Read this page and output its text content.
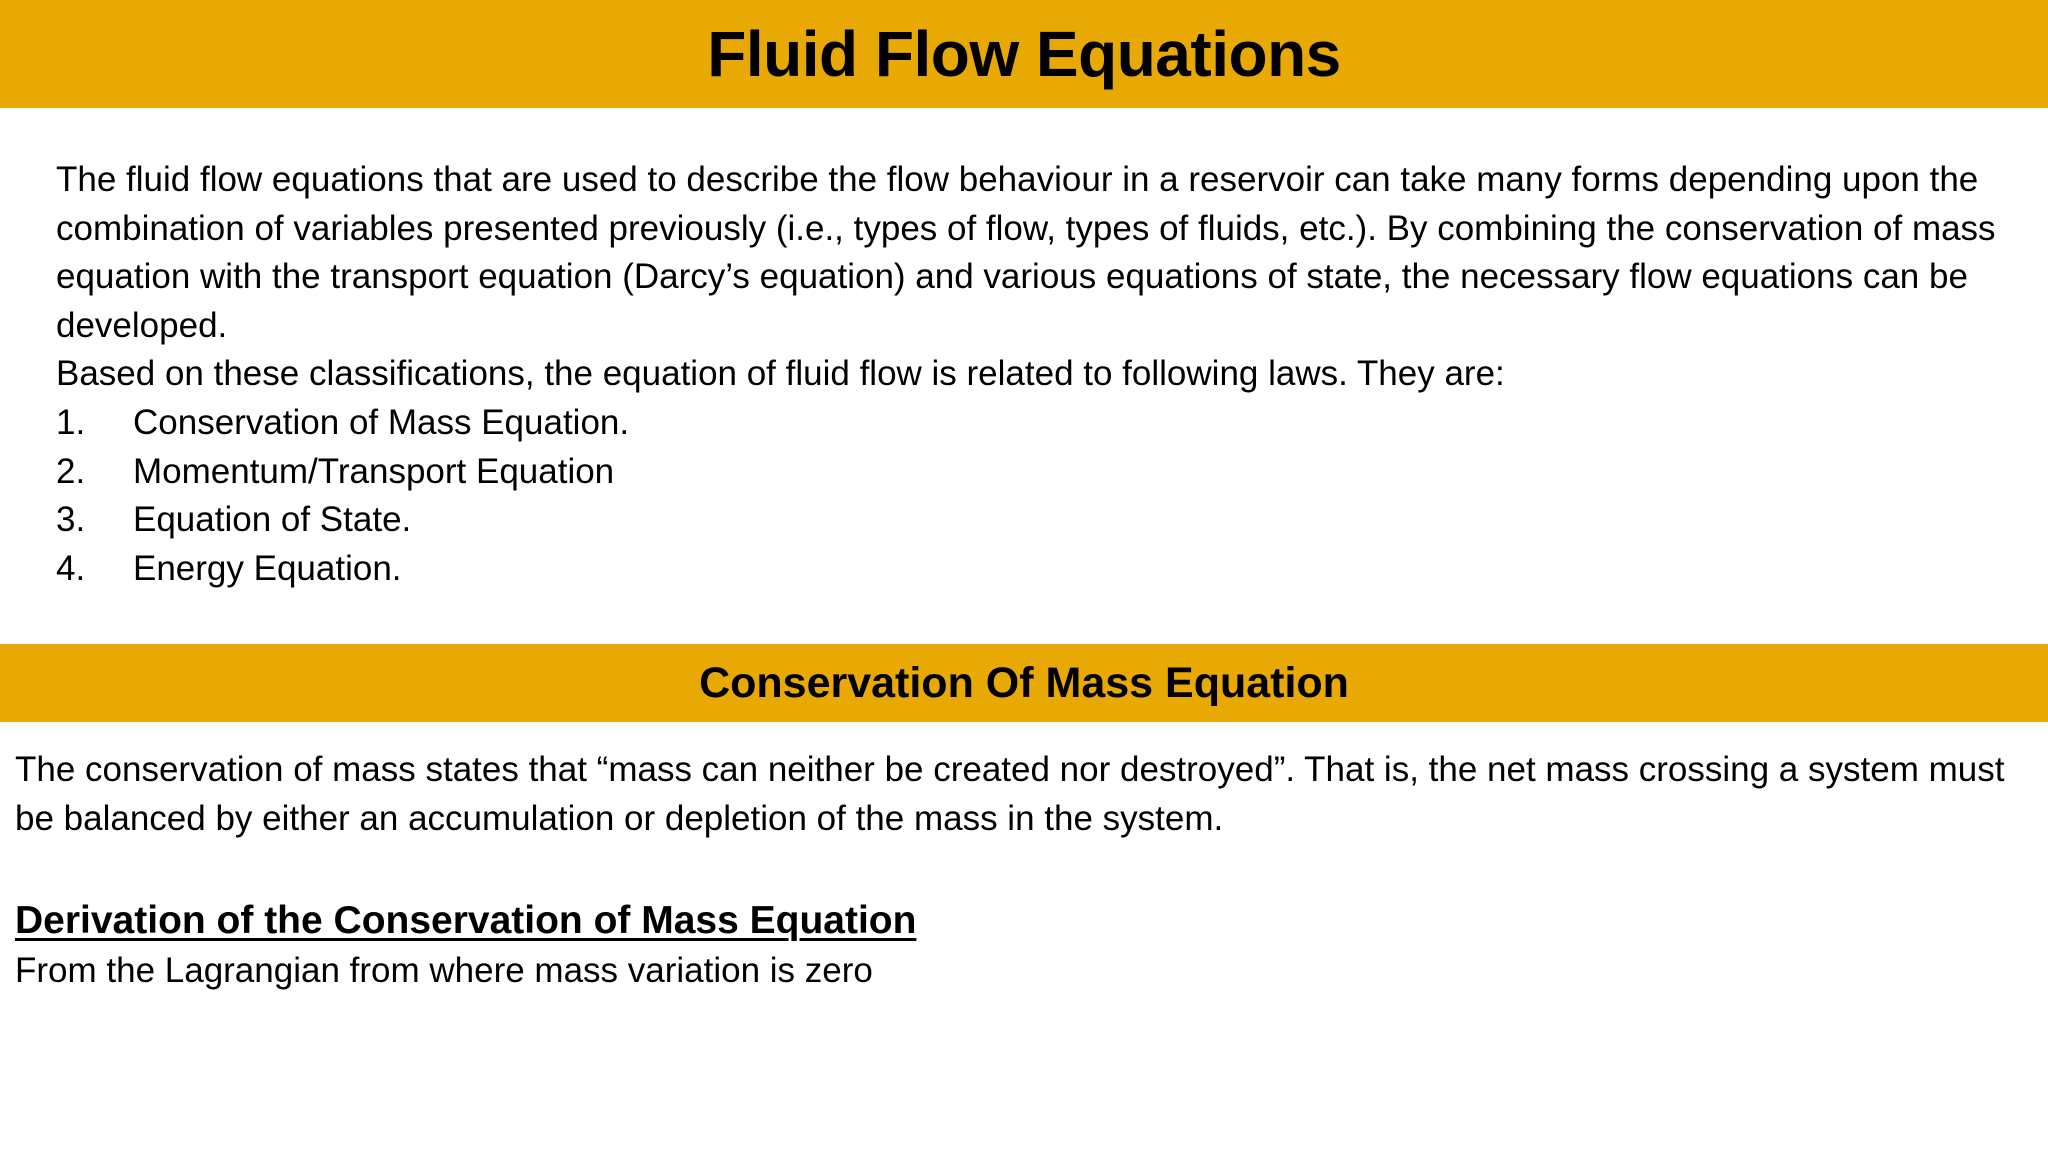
Fluid Flow Equations

The fluid flow equations that are used to describe the flow behaviour in a reservoir can take many forms depending upon the combination of variables presented previously (i.e., types of flow, types of fluids, etc.). By combining the conservation of mass equation with the transport equation (Darcy’s equation) and various equations of state, the necessary flow equations can be developed.

Based on these classifications, the equation of fluid flow is related to following laws. They are:

1.	Conservation of Mass Equation.
2.	Momentum/Transport Equation
3.	Equation of State.
4.	Energy Equation.
Conservation Of Mass Equation

The conservation of mass states that “mass can neither be created nor destroyed”. That is, the net mass crossing a system must be balanced by either an accumulation or depletion of the mass in the system.

Derivation of the Conservation of Mass Equation

From the Lagrangian from where mass variation is zero
